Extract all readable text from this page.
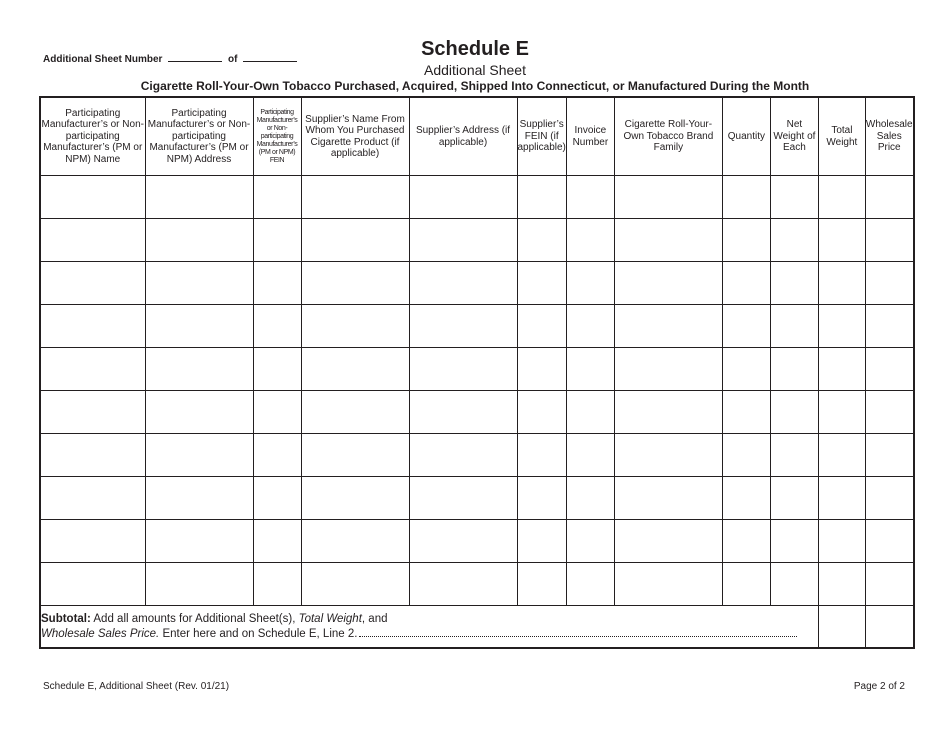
Additional Sheet Number	of	Schedule E
Additional Sheet
Cigarette Roll-Your-Own Tobacco Purchased, Acquired, Shipped Into Connecticut, or Manufactured During the Month
Participating Manufacturer’s or Non-participating Manufacturer’s (PM or NPM) Name	Participating Manufacturer’s or Non-participating Manufacturer’s (PM or NPM) Address	Participating Manufacturer’s or Non-participating Manufacturer’s (PM or NPM) FEIN	Supplier’s Name From Whom You Purchased Cigarette Product (if applicable)	Supplier’s Address (if applicable)	Supplier’s FEIN (if applicable)	Invoice Number	Cigarette Roll-Your-Own Tobacco Brand Family	Quantity	Net Weight of Each	Total Weight	Wholesale Sales Price

Subtotal: Add all amounts for Additional Sheet(s), Total Weight, and
Wholesale Sales Price. Enter here and on Schedule E, Line 2.											
Schedule E, Additional Sheet (Rev. 01/21)	Page 2 of 2
